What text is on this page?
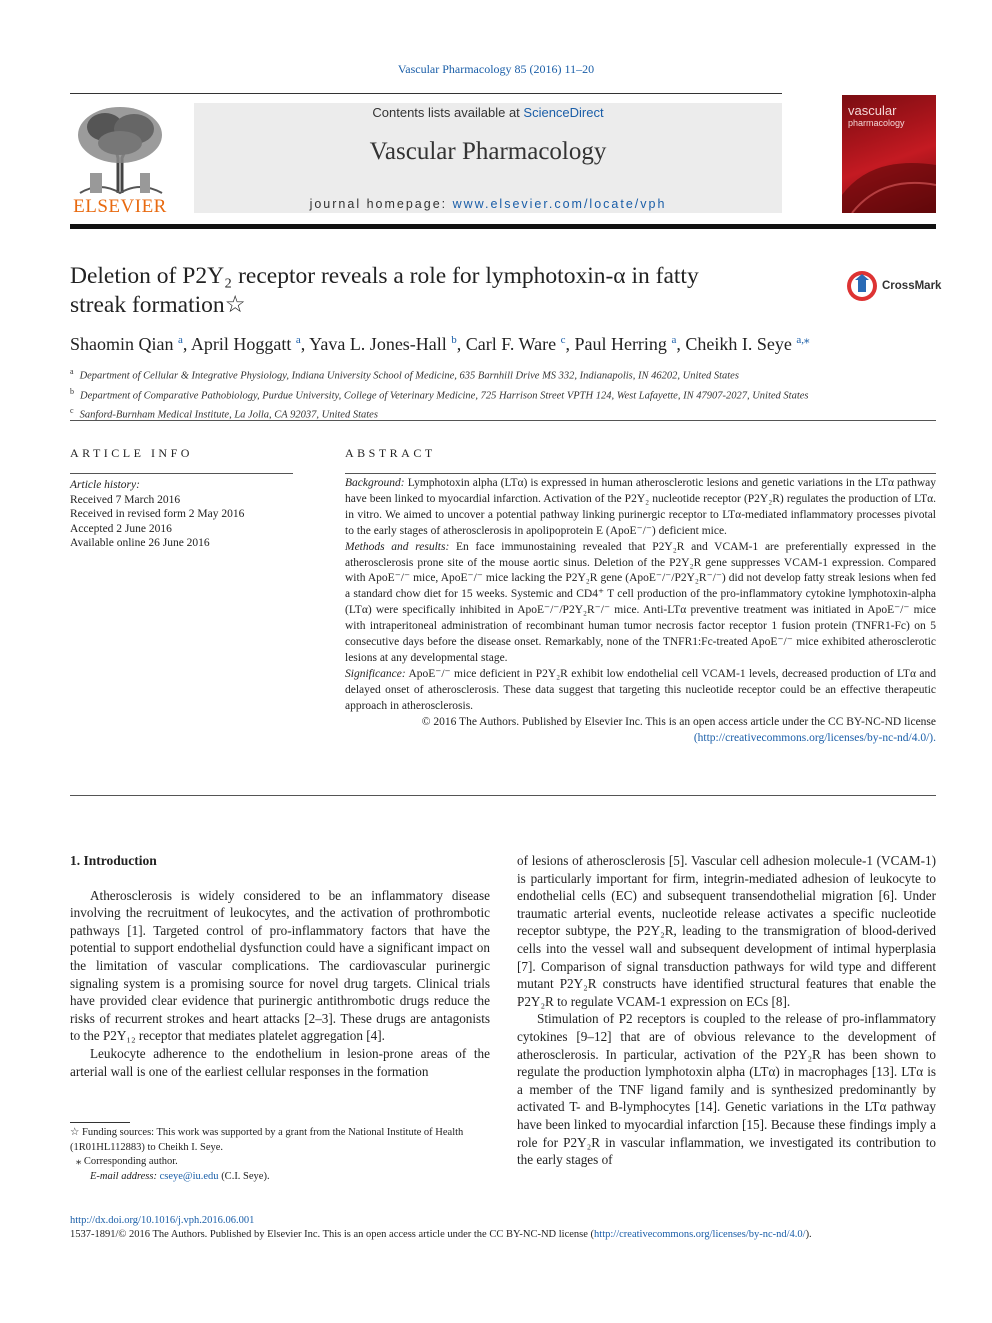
Vascular Pharmacology 85 (2016) 11–20
ELSEVIER
Contents lists available at ScienceDirect
Vascular Pharmacology
journal homepage: www.elsevier.com/locate/vph
vascular
pharmacology
Deletion of P2Y₂ receptor reveals a role for lymphotoxin-α in fatty
streak formation☆
CrossMark
Shaomin Qian $^a$, April Hoggatt $^a$, Yava L. Jones-Hall $^b$, Carl F. Ware $^c$, Paul Herring $^a$, Cheikh I. Seye $^{a,⁎}$
$^a$ Department of Cellular & Integrative Physiology, Indiana University School of Medicine, 635 Barnhill Drive MS 332, Indianapolis, IN 46202, United States
$^b$ Department of Comparative Pathobiology, Purdue University, College of Veterinary Medicine, 725 Harrison Street VPTH 124, West Lafayette, IN 47907-2027, United States
$^c$ Sanford-Burnham Medical Institute, La Jolla, CA 92037, United States
ARTICLE INFO
Article history:
Received 7 March 2016
Received in revised form 2 May 2016
Accepted 2 June 2016
Available online 26 June 2016
ABSTRACT

Background: Lymphotoxin alpha (LTα) is expressed in human atherosclerotic lesions and genetic variations in the LTα pathway have been linked to myocardial infarction. Activation of the P2Y₂ nucleotide receptor (P2Y₂R) regulates the production of LTα. in vitro. We aimed to uncover a potential pathway linking purinergic receptor to LTα-mediated inflammatory processes pivotal to the early stages of atherosclerosis in apolipoprotein E (ApoE⁻/⁻) deficient mice.

Methods and results: En face immunostaining revealed that P2Y₂R and VCAM-1 are preferentially expressed in the atherosclerosis prone site of the mouse aortic sinus. Deletion of the P2Y₂R gene suppresses VCAM-1 expression. Compared with ApoE⁻/⁻ mice, ApoE⁻/⁻ mice lacking the P2Y₂R gene (ApoE⁻/⁻/P2Y₂R⁻/⁻) did not develop fatty streak lesions when fed a standard chow diet for 15 weeks. Systemic and CD4⁺ T cell production of the pro-inflammatory cytokine lymphotoxin-alpha (LTα) were specifically inhibited in ApoE⁻/⁻/P2Y₂R⁻/⁻ mice. Anti-LTα preventive treatment was initiated in ApoE⁻/⁻ mice with intraperitoneal administration of recombinant human tumor necrosis factor receptor 1 fusion protein (TNFR1-Fc) on 5 consecutive days before the disease onset. Remarkably, none of the TNFR1:Fc-treated ApoE⁻/⁻ mice exhibited atherosclerotic lesions at any developmental stage.

Significance: ApoE⁻/⁻ mice deficient in P2Y₂R exhibit low endothelial cell VCAM-1 levels, decreased production of LTα and delayed onset of atherosclerosis. These data suggest that targeting this nucleotide receptor could be an effective therapeutic approach in atherosclerosis.

© 2016 The Authors. Published by Elsevier Inc. This is an open access article under the CC BY-NC-ND license
(http://creativecommons.org/licenses/by-nc-nd/4.0/).

1. Introduction

Atherosclerosis is widely considered to be an inflammatory disease involving the recruitment of leukocytes, and the activation of prothrombotic pathways [1]. Targeted control of pro-inflammatory factors that have the potential to support endothelial dysfunction could have a significant impact on the limitation of vascular complications. The cardiovascular purinergic signaling system is a promising source for novel drug targets. Clinical trials have provided clear evidence that purinergic antithrombotic drugs reduce the risks of recurrent strokes and heart attacks [2–3]. These drugs are antagonists to the P2Y₁₂ receptor that mediates platelet aggregation [4].

Leukocyte adherence to the endothelium in lesion-prone areas of the arterial wall is one of the earliest cellular responses in the formation

of lesions of atherosclerosis [5]. Vascular cell adhesion molecule-1 (VCAM-1) is particularly important for firm, integrin-mediated adhesion of leukocyte to endothelial cells (EC) and subsequent transendothelial migration [6]. Under traumatic arterial events, nucleotide release activates a specific nucleotide receptor subtype, the P2Y₂R, leading to the transmigration of blood-derived cells into the vessel wall and subsequent development of intimal hyperplasia [7]. Comparison of signal transduction pathways for wild type and different mutant P2Y₂R constructs have identified structural features that enable the P2Y₂R to regulate VCAM-1 expression on ECs [8].

Stimulation of P2 receptors is coupled to the release of pro-inflammatory cytokines [9–12] that are of obvious relevance to the development of atherosclerosis. In particular, activation of the P2Y₂R has been shown to regulate the production lymphotoxin alpha (LTα) in macrophages [13]. LTα is a member of the TNF ligand family and is synthesized predominantly by activated T- and B-lymphocytes [14]. Genetic variations in the LTα pathway have been linked to myocardial infarction [15]. Because these findings imply a role for P2Y₂R in vascular inflammation, we investigated its contribution to the early stages of

☆ Funding sources: This work was supported by a grant from the National Institute of Health (1R01HL112883) to Cheikh I. Seye.
⁎ Corresponding author.
E-mail address: cseye@iu.edu (C.I. Seye).
http://dx.doi.org/10.1016/j.vph.2016.06.001
1537-1891/© 2016 The Authors. Published by Elsevier Inc. This is an open access article under the CC BY-NC-ND license (http://creativecommons.org/licenses/by-nc-nd/4.0/).
